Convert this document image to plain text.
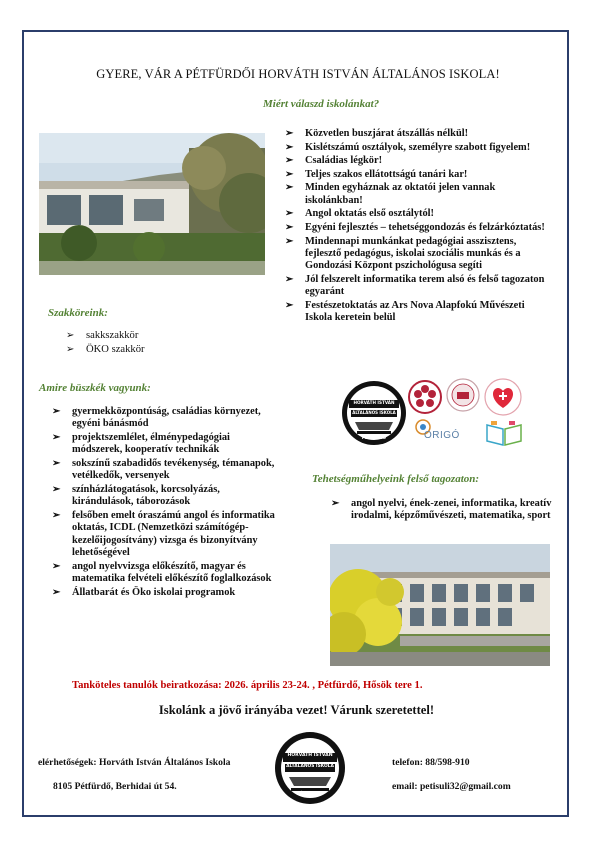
GYERE, VÁR A PÉTFÜRDŐI HORVÁTH ISTVÁN ÁLTALÁNOS ISKOLA!
Miért válaszd iskolánkat?
➢ Közvetlen buszjárat átszállás nélkül!
➢ Kislétszámú osztályok, személyre szabott figyelem!
➢ Családias légkör!
➢ Teljes szakos ellátottságú tanári kar!
➢ Minden egyháznak az oktatói jelen vannak iskolánkban!
➢ Angol oktatás első osztálytól!
➢ Egyéni fejlesztés – tehetséggondozás és felzárkóztatás!
➢ Mindennapi munkánkat pedagógiai asszisztens, fejlesztő pedagógus, iskolai szociális munkás és a Gondozási Központ pszichológusa segíti
➢ Jól felszerelt informatika terem alsó és felső tagozaton egyaránt
➢ Festészetoktatás az Ars Nova Alapfokú Művészeti Iskola keretein belül
Szakköreink:
➢ sakkszakkör
➢ ÖKO szakkör
Amire büszkék vagyunk:
➢ gyermekközpontúság, családias környezet, egyéni bánásmód
➢ projektszemlélet, élménypedagógiai módszerek, kooperatív technikák
➢ sokszínű szabadidős tevékenység, témanapok, vetélkedők, versenyek
➢ színházlátogatások, korcsolyázás, kirándulások, táborozások
➢ felsőben emelt óraszámú angol és informatika oktatás, ICDL (Nemzetközi számítógép-kezelőijogosítvány) vizsga és bizonyítvány lehetőségével
➢ angol nyelvvizsga előkészítő, magyar és matematika felvételi előkészítő foglalkozások
➢ Állatbarát és Öko iskolai programok
HORVÁTH ISTVÁN
ÁLTALÁNOS ISKOLA
PÉTFÜRDŐ	ORIGÓ
Tehetségműhelyeink felső tagozaton:
➢ angol nyelvi, ének-zenei, informatika, kreatív irodalmi, képzőművészeti, matematika, sport
Tanköteles tanulók beiratkozása: 2026. április 23-24. , Pétfürdő, Hősök tere 1.
Iskolánk a jövő irányába vezet! Várunk szeretettel!
elérhetőségek: Horváth István Általános Iskola
8105 Pétfürdő, Berhidai út 54.
telefon: 88/598-910
email: petisuli32@gmail.com
HORVÁTH ISTVÁN
ÁLTALÁNOS ISKOLA
PÉTFÜRDŐ
